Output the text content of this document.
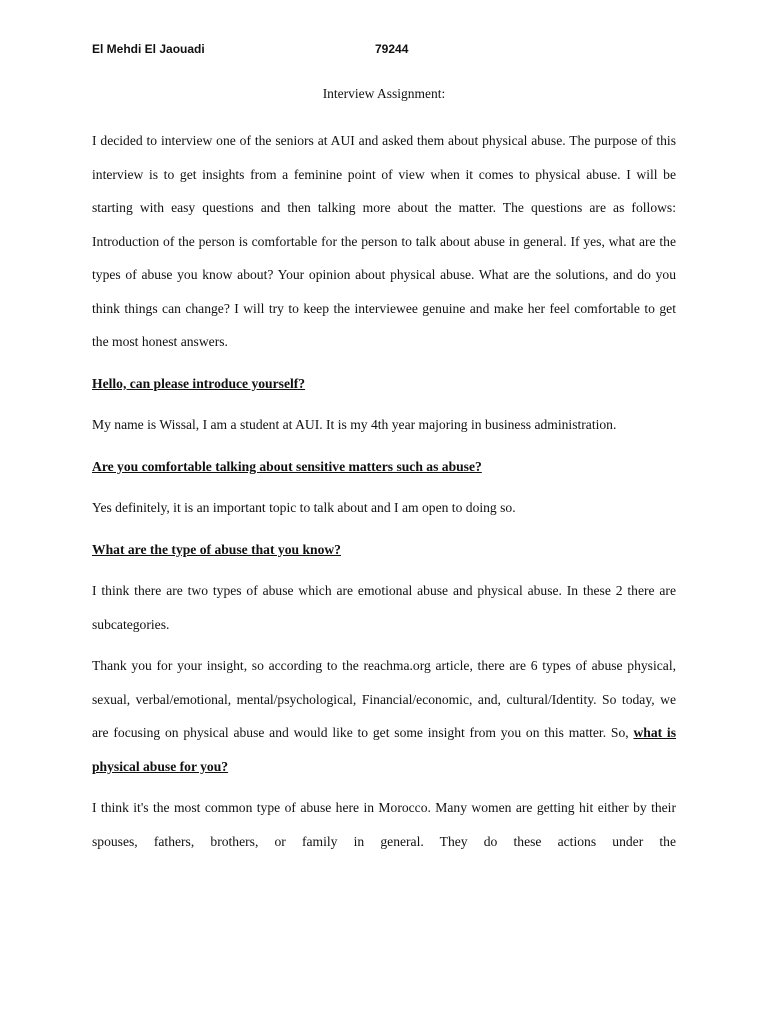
El Mehdi El Jaouadi	79244
Interview Assignment:

I decided to interview one of the seniors at AUI and asked them about physical abuse. The purpose of this interview is to get insights from a feminine point of view when it comes to physical abuse. I will be starting with easy questions and then talking more about the matter. The questions are as follows: Introduction of the person is comfortable for the person to talk about abuse in general. If yes, what are the types of abuse you know about? Your opinion about physical abuse. What are the solutions, and do you think things can change? I will try to keep the interviewee genuine and make her feel comfortable to get the most honest answers.

Hello, can please introduce yourself?

My name is Wissal, I am a student at AUI. It is my 4th year majoring in business administration.

Are you comfortable talking about sensitive matters such as abuse?

Yes definitely, it is an important topic to talk about and I am open to doing so.

What are the type of abuse that you know?

I think there are two types of abuse which are emotional abuse and physical abuse. In these 2 there are subcategories.

Thank you for your insight, so according to the reachma.org article, there are 6 types of abuse physical, sexual, verbal/emotional, mental/psychological, Financial/economic, and, cultural/Identity. So today, we are focusing on physical abuse and would like to get some insight from you on this matter. So, what is physical abuse for you?

I think it's the most common type of abuse here in Morocco. Many women are getting hit either by their spouses, fathers, brothers, or family in general. They do these actions under the
